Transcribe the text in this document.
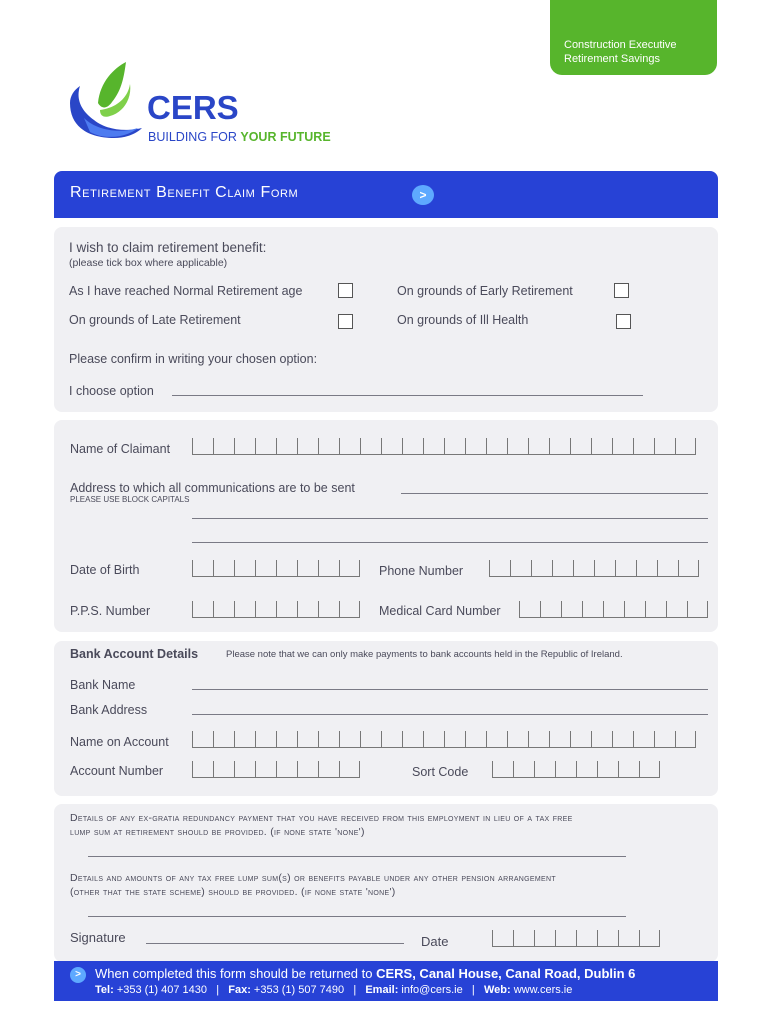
Construction Executive
Retirement Savings
CERS
BUILDING FOR YOUR FUTURE
Retirement Benefit Claim Form	>
I wish to claim retirement benefit:
(please tick box where applicable)
As I have reached Normal Retirement age	On grounds of Early Retirement
On grounds of Late Retirement	On grounds of Ill Health
Please confirm in writing your chosen option:
I choose option
Name of Claimant
Address to which all communications are to be sent
PLEASE USE BLOCK CAPITALS
Date of Birth	Phone Number
P.P.S. Number	Medical Card Number
Bank Account Details	Please note that we can only make payments to bank accounts held in the Republic of Ireland.
Bank Name
Bank Address
Name on Account
Account Number	Sort Code
Details of any ex-gratia redundancy payment that you have received from this employment in lieu of a tax free
lump sum at retirement should be provided. (if none state 'none')
Details and amounts of any tax free lump sum(s) or benefits payable under any other pension arrangement
(other that the state scheme) should be provided. (if none state 'none')
Signature	Date
>	When completed this form should be returned to CERS, Canal House, Canal Road, Dublin 6
Tel: +353 (1) 407 1430 | Fax: +353 (1) 507 7490 | Email: info@cers.ie | Web: www.cers.ie
